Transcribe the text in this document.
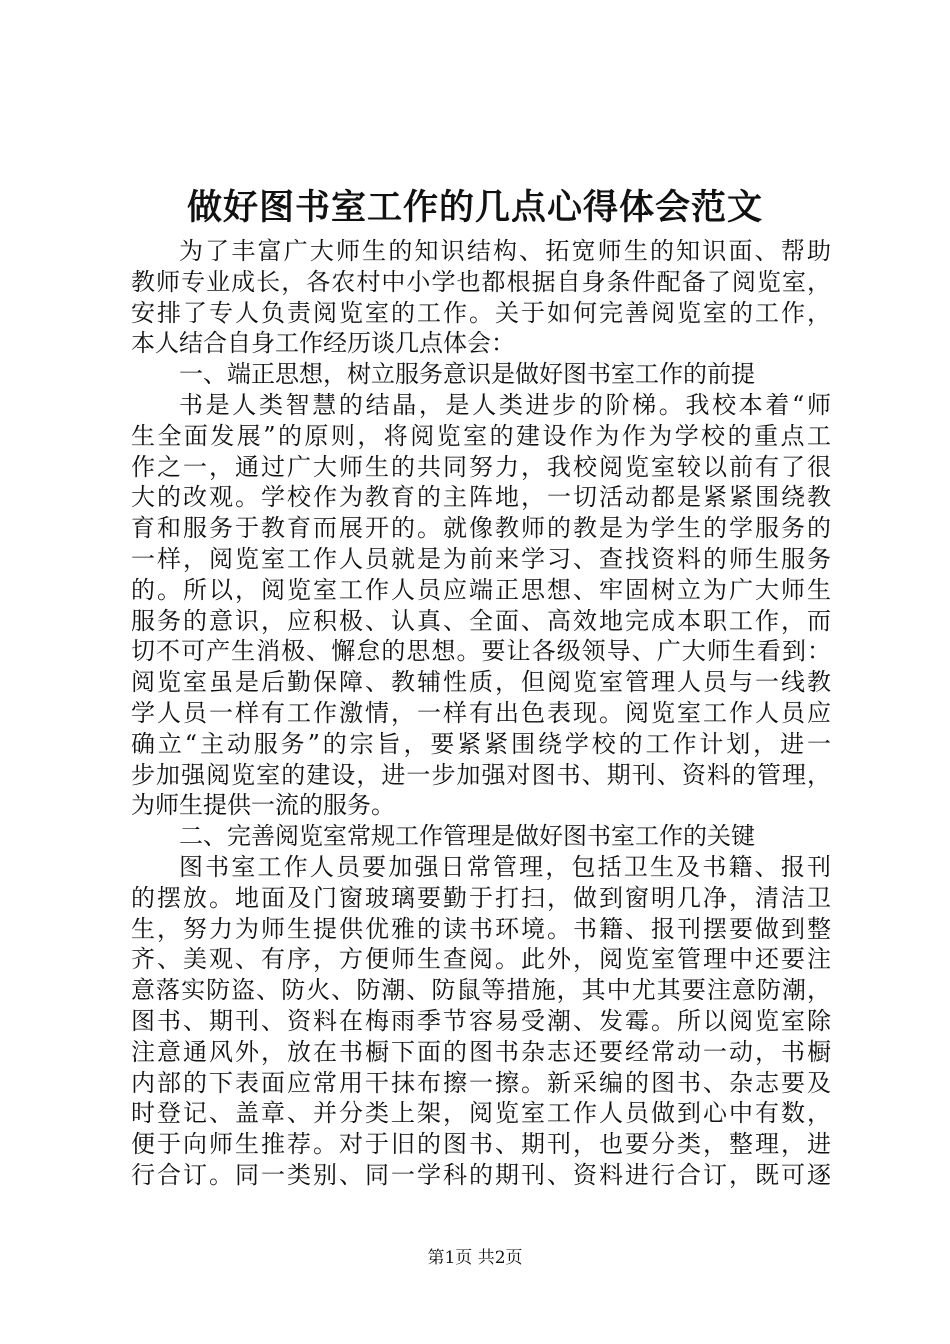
做好图书室工作的几点心得体会范文
为了丰富广大师生的知识结构、拓宽师生的知识面、帮助
教师专业成长，各农村中小学也都根据自身条件配备了阅览室，
安排了专人负责阅览室的工作。关于如何完善阅览室的工作，
本人结合自身工作经历谈几点体会：
一、端正思想，树立服务意识是做好图书室工作的前提
书是人类智慧的结晶，是人类进步的阶梯。我校本着“师
生全面发展”的原则，将阅览室的建设作为作为学校的重点工
作之一，通过广大师生的共同努力，我校阅览室较以前有了很
大的改观。学校作为教育的主阵地，一切活动都是紧紧围绕教
育和服务于教育而展开的。就像教师的教是为学生的学服务的
一样，阅览室工作人员就是为前来学习、查找资料的师生服务
的。所以，阅览室工作人员应端正思想、牢固树立为广大师生
服务的意识，应积极、认真、全面、高效地完成本职工作，而
切不可产生消极、懈怠的思想。要让各级领导、广大师生看到：
阅览室虽是后勤保障、教辅性质，但阅览室管理人员与一线教
学人员一样有工作激情，一样有出色表现。阅览室工作人员应
确立“主动服务”的宗旨，要紧紧围绕学校的工作计划，进一
步加强阅览室的建设，进一步加强对图书、期刊、资料的管理，
为师生提供一流的服务。
二、完善阅览室常规工作管理是做好图书室工作的关键
图书室工作人员要加强日常管理，包括卫生及书籍、报刊
的摆放。地面及门窗玻璃要勤于打扫，做到窗明几净，清洁卫
生，努力为师生提供优雅的读书环境。书籍、报刊摆要做到整
齐、美观、有序，方便师生查阅。此外，阅览室管理中还要注
意落实防盗、防火、防潮、防鼠等措施，其中尤其要注意防潮，
图书、期刊、资料在梅雨季节容易受潮、发霉。所以阅览室除
注意通风外，放在书橱下面的图书杂志还要经常动一动，书橱
内部的下表面应常用干抹布擦一擦。新采编的图书、杂志要及
时登记、盖章、并分类上架，阅览室工作人员做到心中有数，
便于向师生推荐。对于旧的图书、期刊，也要分类，整理，进
行合订。同一类别、同一学科的期刊、资料进行合订，既可逐
第1页 共2页
